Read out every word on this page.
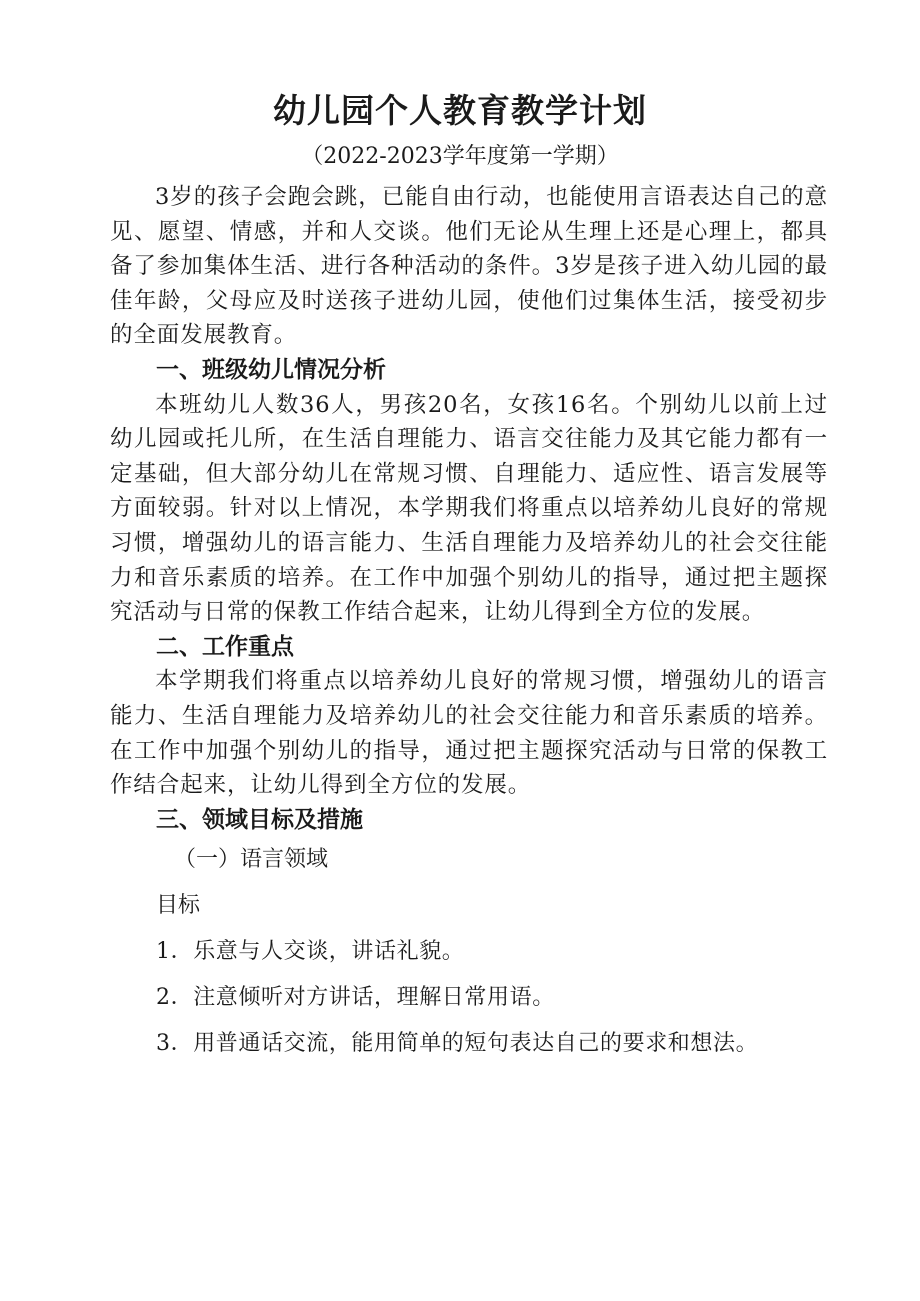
幼儿园个人教育教学计划
（2022-2023学年度第一学期）

3岁的孩子会跑会跳，已能自由行动，也能使用言语表达自己的意见、愿望、情感，并和人交谈。他们无论从生理上还是心理上，都具备了参加集体生活、进行各种活动的条件。3岁是孩子进入幼儿园的最佳年龄，父母应及时送孩子进幼儿园，使他们过集体生活，接受初步的全面发展教育。

一、班级幼儿情况分析

本班幼儿人数36人，男孩20名，女孩16名。个别幼儿以前上过幼儿园或托儿所，在生活自理能力、语言交往能力及其它能力都有一定基础，但大部分幼儿在常规习惯、自理能力、适应性、语言发展等方面较弱。针对以上情况，本学期我们将重点以培养幼儿良好的常规习惯，增强幼儿的语言能力、生活自理能力及培养幼儿的社会交往能力和音乐素质的培养。在工作中加强个别幼儿的指导，通过把主题探究活动与日常的保教工作结合起来，让幼儿得到全方位的发展。

二、工作重点

本学期我们将重点以培养幼儿良好的常规习惯，增强幼儿的语言能力、生活自理能力及培养幼儿的社会交往能力和音乐素质的培养。在工作中加强个别幼儿的指导，通过把主题探究活动与日常的保教工作结合起来，让幼儿得到全方位的发展。

三、领域目标及措施

（一）语言领域

目标

1．乐意与人交谈，讲话礼貌。

2．注意倾听对方讲话，理解日常用语。

3．用普通话交流，能用简单的短句表达自己的要求和想法。
